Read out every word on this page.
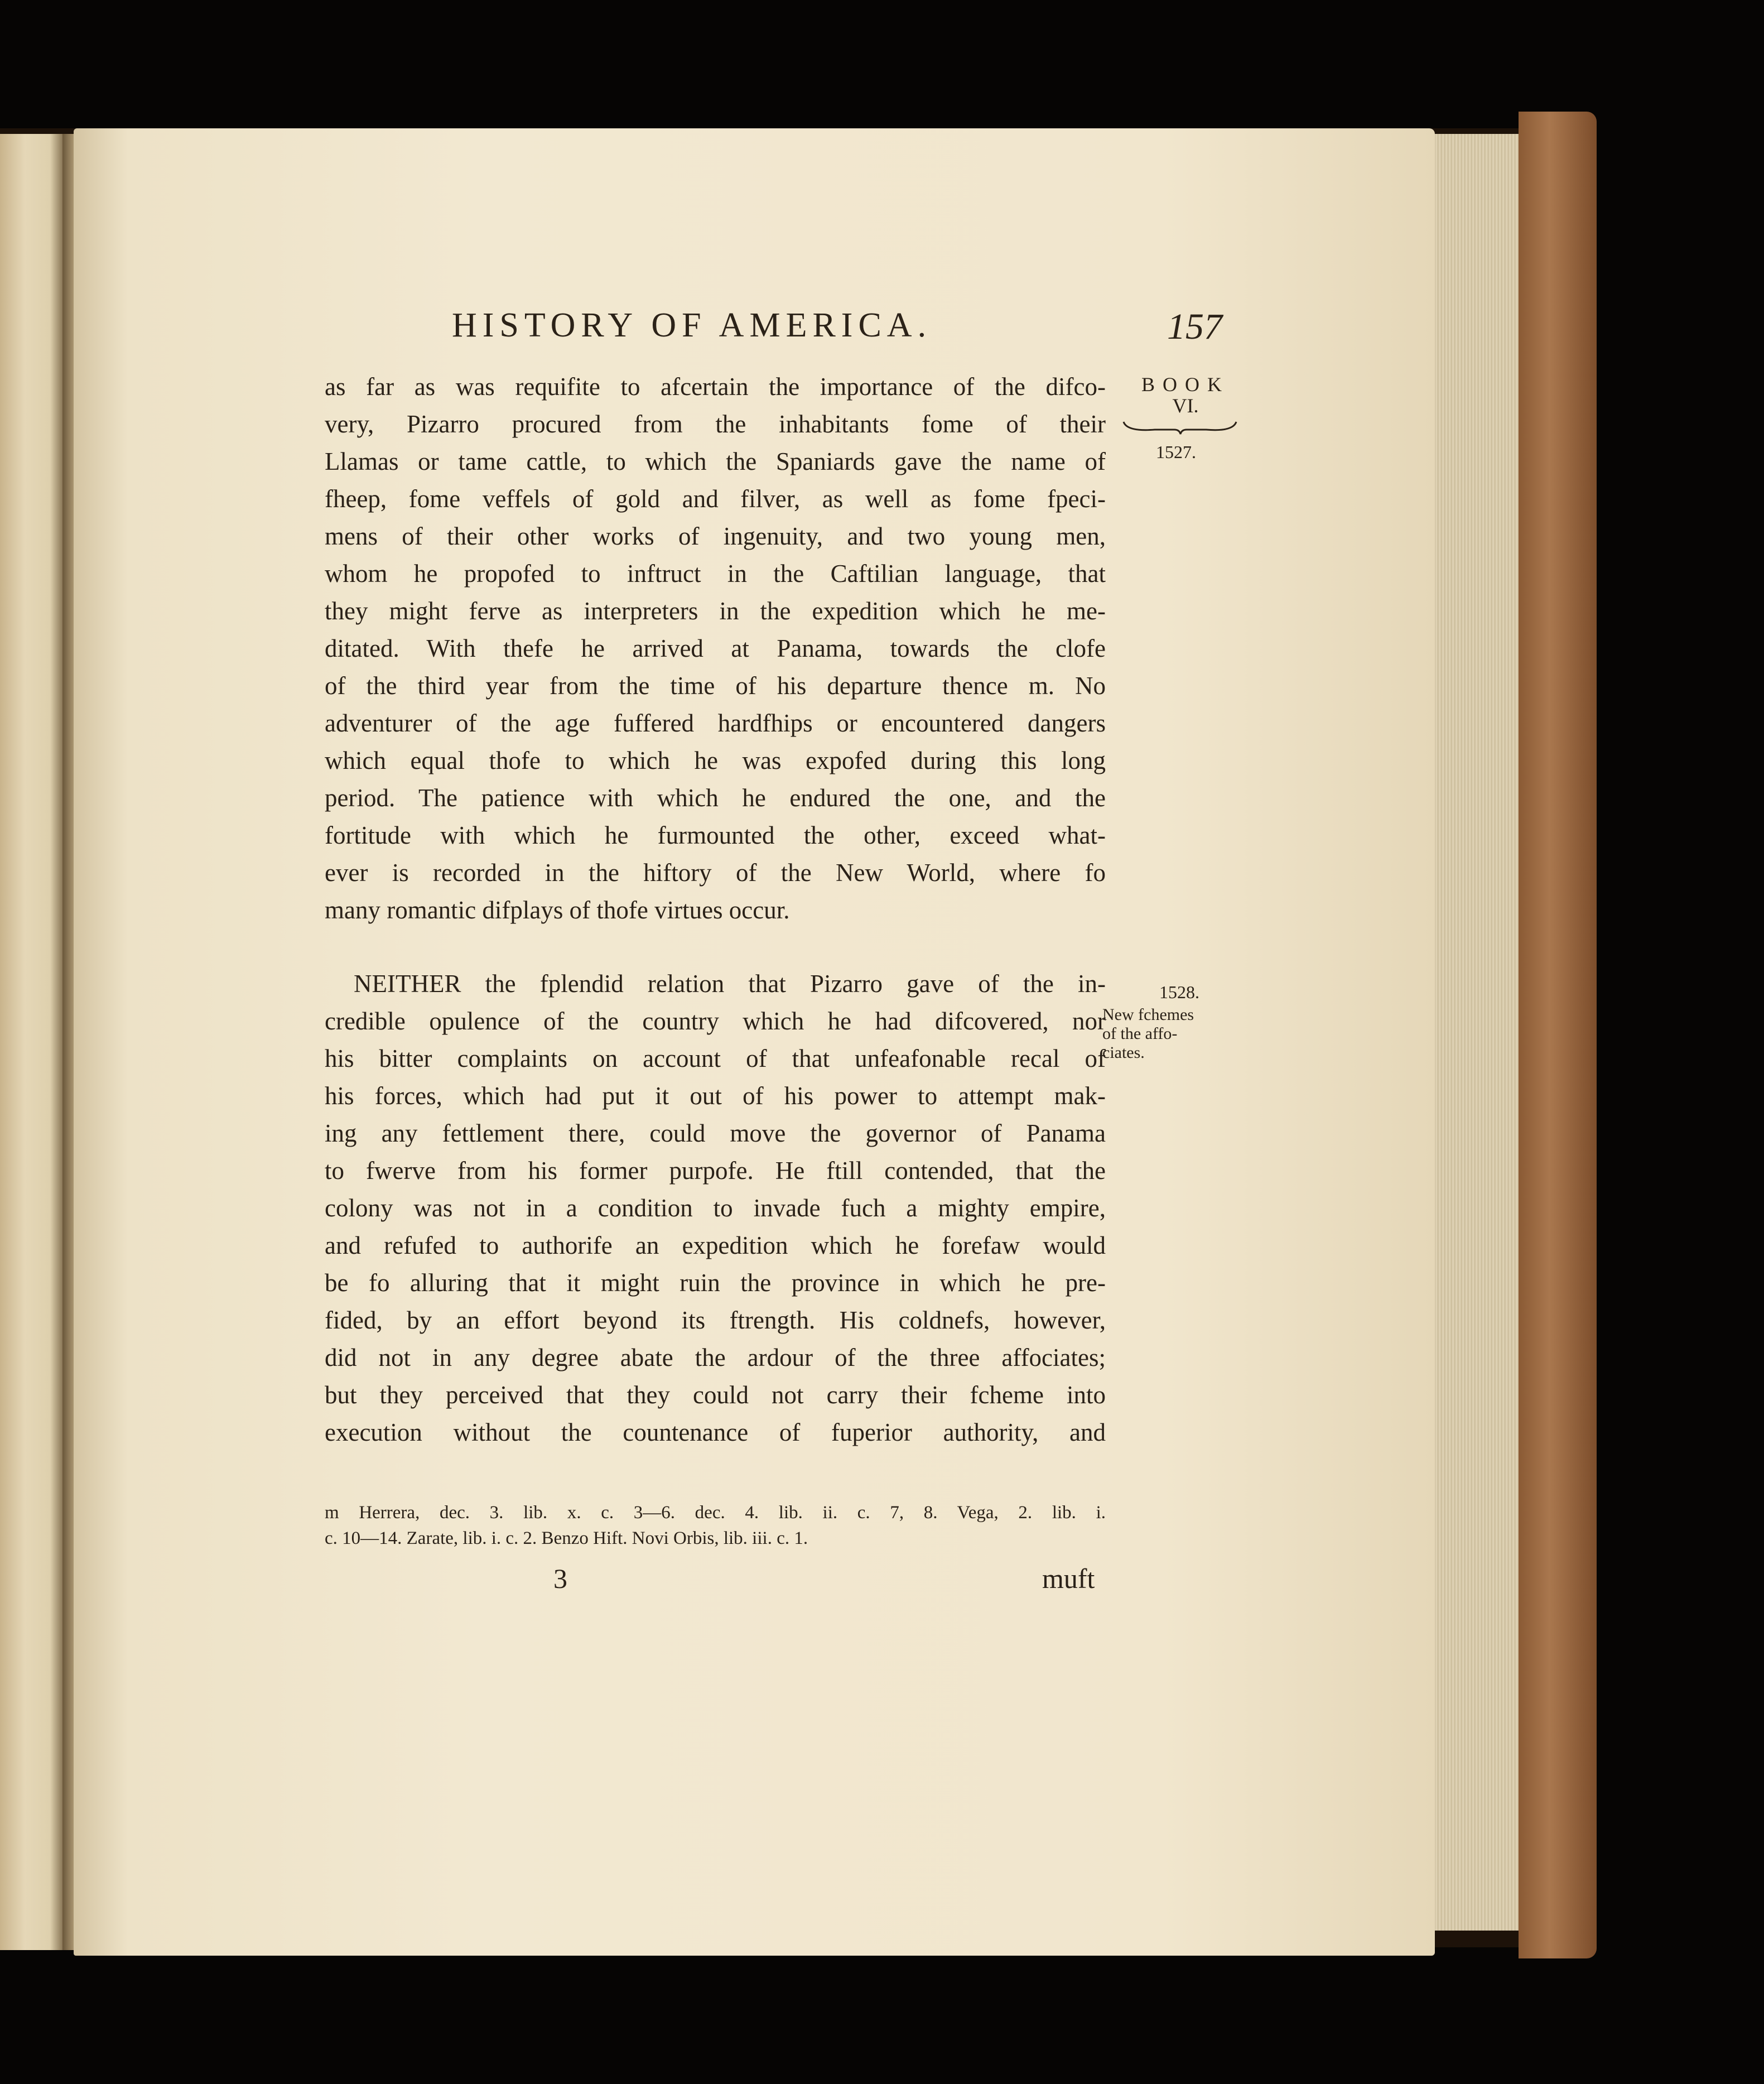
HISTORY OF AMERICA.	157
BOOK
VI.
1527.
1528.

New fchemes
of the affo-
ciates.

as far as was requifite to afcertain the importance of the difco-
very, Pizarro procured from the inhabitants fome of their
Llamas or tame cattle, to which the Spaniards gave the name of
fheep, fome veffels of gold and filver, as well as fome fpeci-
mens of their other works of ingenuity, and two young men,
whom he propofed to inftruct in the Caftilian language, that
they might ferve as interpreters in the expedition which he me-
ditated. With thefe he arrived at Panama, towards the clofe
of the third year from the time of his departure thence m. No
adventurer of the age fuffered hardfhips or encountered dangers
which equal thofe to which he was expofed during this long
period. The patience with which he endured the one, and the
fortitude with which he furmounted the other, exceed what-
ever is recorded in the hiftory of the New World, where fo
many romantic difplays of thofe virtues occur.
NEITHER the fplendid relation that Pizarro gave of the in-
credible opulence of the country which he had difcovered, nor
his bitter complaints on account of that unfeafonable recal of
his forces, which had put it out of his power to attempt mak-
ing any fettlement there, could move the governor of Panama
to fwerve from his former purpofe. He ftill contended, that the
colony was not in a condition to invade fuch a mighty empire,
and refufed to authorife an expedition which he forefaw would
be fo alluring that it might ruin the province in which he pre-
fided, by an effort beyond its ftrength. His coldnefs, however,
did not in any degree abate the ardour of the three affociates;
but they perceived that they could not carry their fcheme into
execution without the countenance of fuperior authority, and
m Herrera, dec. 3. lib. x. c. 3—6. dec. 4. lib. ii. c. 7, 8. Vega, 2. lib. i.
c. 10—14. Zarate, lib. i. c. 2. Benzo Hift. Novi Orbis, lib. iii. c. 1.
3	muft
